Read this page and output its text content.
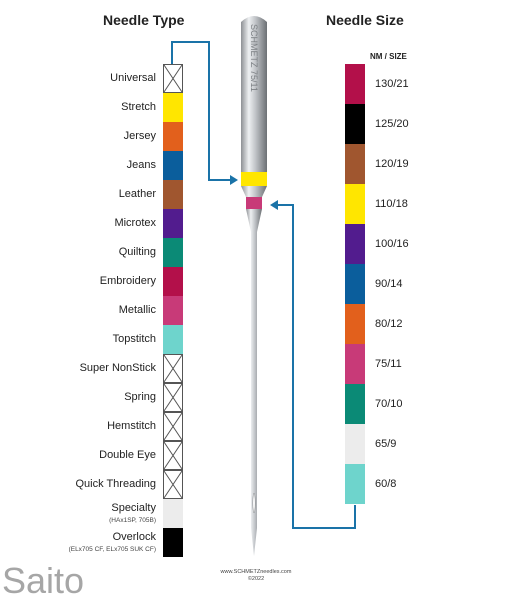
Needle Type	Needle Size
NM / SIZE
Universal
Stretch
Jersey
Jeans
Leather
Microtex
Quilting
Embroidery
Metallic
Topstitch
Super NonStick
Spring
Hemstitch
Double Eye
Quick Threading
Specialty
(HAx1SP, 705B)
Overlock
(ELx705 CF, ELx705 SUK CF)
130/21
125/20
120/19
110/18
100/16
90/14
80/12
75/11
70/10
65/9
60/8
SCHMETZ 75/11
www.SCHMETZneedles.com
©2022
Saito
